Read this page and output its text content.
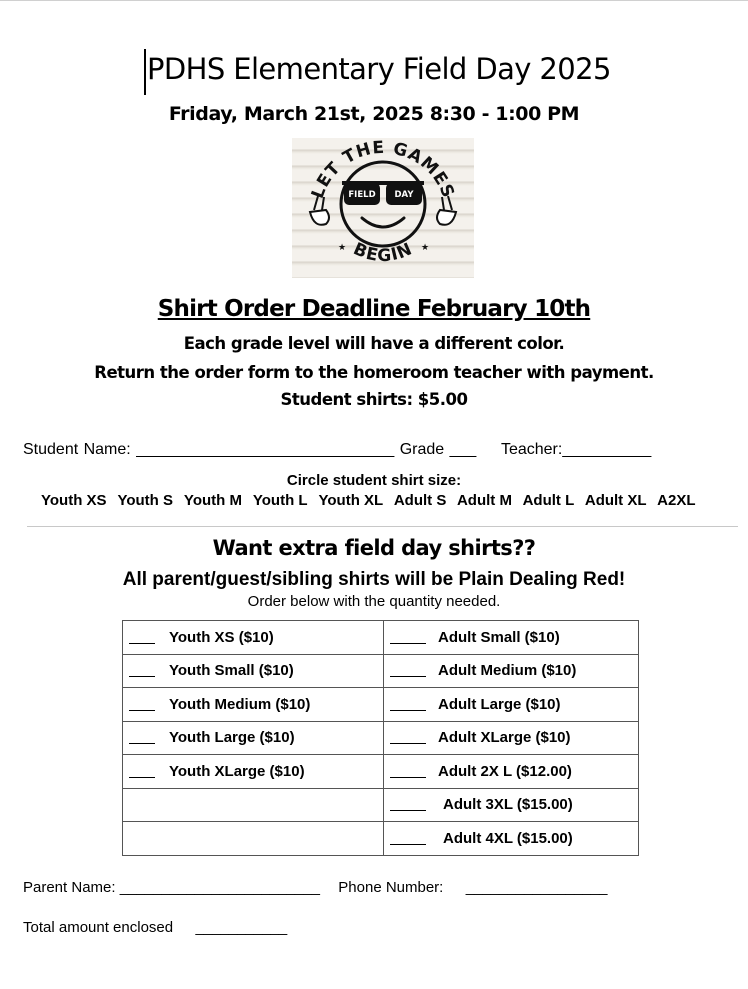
PDHS Elementary Field Day 2025
Friday, March 21st, 2025 8:30 - 1:00 PM
LET THE GAMES
FIELD DAY
★	★
BEGIN
Shirt Order Deadline February 10th
Each grade level will have a different color.
Return the order form to the homeroom teacher with payment.
Student shirts: $5.00
Student Name: _____________________________ Grade ___ Teacher:__________
Circle student shirt size:
Youth XS Youth S Youth M Youth L Youth XL Adult S Adult M Adult L Adult XL A2XL
Want extra field day shirts??
All parent/guest/sibling shirts will be Plain Dealing Red!
Order below with the quantity needed.
Youth XS ($10)	Adult Small ($10)
Youth Small ($10)	Adult Medium ($10)
Youth Medium ($10)	Adult Large ($10)
Youth Large ($10)	Adult XLarge ($10)
Youth XLarge ($10)	Adult 2X L ($12.00)
	Adult 3XL ($15.00)
	Adult 4XL ($15.00)
Parent Name: ________________________ Phone Number: _________________
Total amount enclosed ___________
